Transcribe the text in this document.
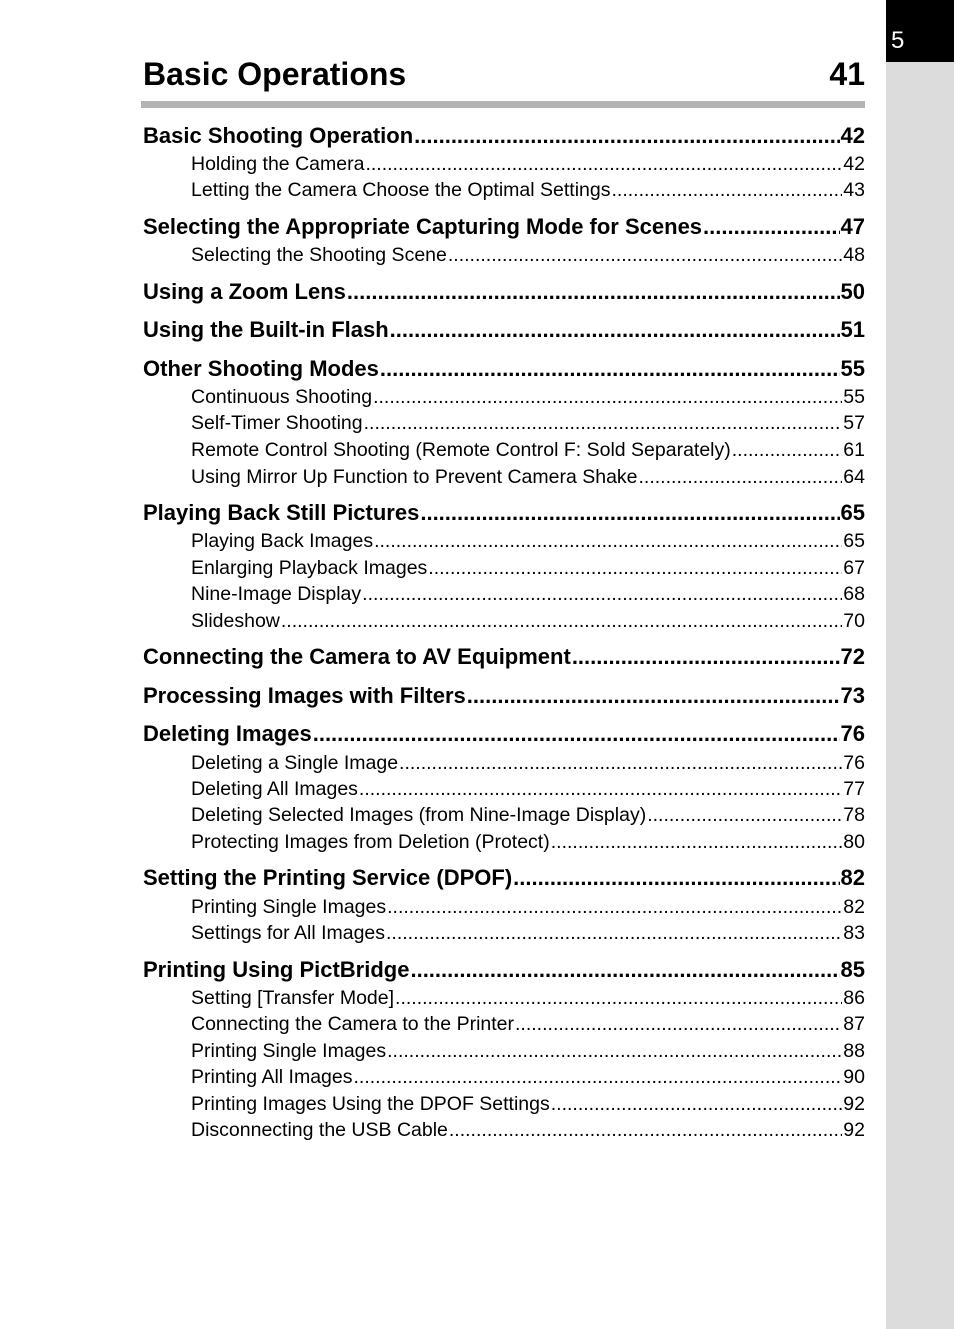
5
Basic Operations	41
Basic Shooting Operation .....	42
Holding the Camera .....	42
Letting the Camera Choose the Optimal Settings .....	43
Selecting the Appropriate Capturing Mode for Scenes .....	47
Selecting the Shooting Scene .....	48
Using a Zoom Lens .....	50
Using the Built-in Flash .....	51
Other Shooting Modes .....	55
Continuous Shooting .....	55
Self-Timer Shooting .....	57
Remote Control Shooting (Remote Control F: Sold Separately) .....	61
Using Mirror Up Function to Prevent Camera Shake .....	64
Playing Back Still Pictures .....	65
Playing Back Images .....	65
Enlarging Playback Images .....	67
Nine-Image Display .....	68
Slideshow .....	70
Connecting the Camera to AV Equipment .....	72
Processing Images with Filters .....	73
Deleting Images .....	76
Deleting a Single Image .....	76
Deleting All Images .....	77
Deleting Selected Images (from Nine-Image Display) .....	78
Protecting Images from Deletion (Protect) .....	80
Setting the Printing Service (DPOF) .....	82
Printing Single Images .....	82
Settings for All Images .....	83
Printing Using PictBridge .....	85
Setting [Transfer Mode] .....	86
Connecting the Camera to the Printer .....	87
Printing Single Images .....	88
Printing All Images .....	90
Printing Images Using the DPOF Settings .....	92
Disconnecting the USB Cable .....	92
